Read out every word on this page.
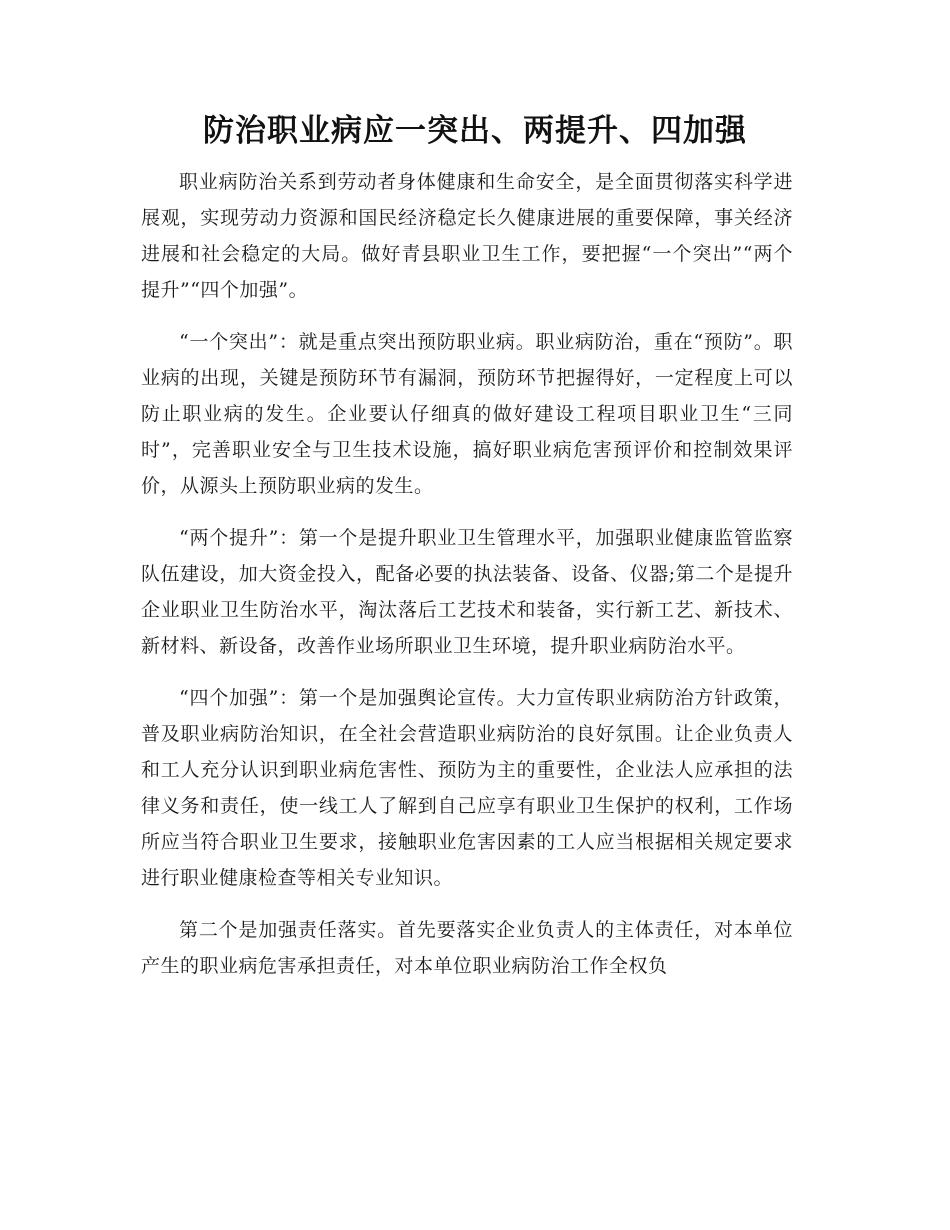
防治职业病应一突出、两提升、四加强

职业病防治关系到劳动者身体健康和生命安全，是全面贯彻落实科学进展观，实现劳动力资源和国民经济稳定长久健康进展的重要保障，事关经济进展和社会稳定的大局。做好青县职业卫生工作，要把握“一个突出”“两个提升”“四个加强”。

“一个突出”：就是重点突出预防职业病。职业病防治，重在“预防”。职业病的出现，关键是预防环节有漏洞，预防环节把握得好，一定程度上可以防止职业病的发生。企业要认仔细真的做好建设工程项目职业卫生“三同时”，完善职业安全与卫生技术设施，搞好职业病危害预评价和控制效果评价，从源头上预防职业病的发生。

“两个提升”：第一个是提升职业卫生管理水平，加强职业健康监管监察队伍建设，加大资金投入，配备必要的执法装备、设备、仪器;第二个是提升企业职业卫生防治水平，淘汰落后工艺技术和装备，实行新工艺、新技术、新材料、新设备，改善作业场所职业卫生环境，提升职业病防治水平。

“四个加强”：第一个是加强舆论宣传。大力宣传职业病防治方针政策，普及职业病防治知识，在全社会营造职业病防治的良好氛围。让企业负责人和工人充分认识到职业病危害性、预防为主的重要性，企业法人应承担的法律义务和责任，使一线工人了解到自己应享有职业卫生保护的权利，工作场所应当符合职业卫生要求，接触职业危害因素的工人应当根据相关规定要求进行职业健康检查等相关专业知识。

第二个是加强责任落实。首先要落实企业负责人的主体责任，对本单位产生的职业病危害承担责任，对本单位职业病防治工作全权负
